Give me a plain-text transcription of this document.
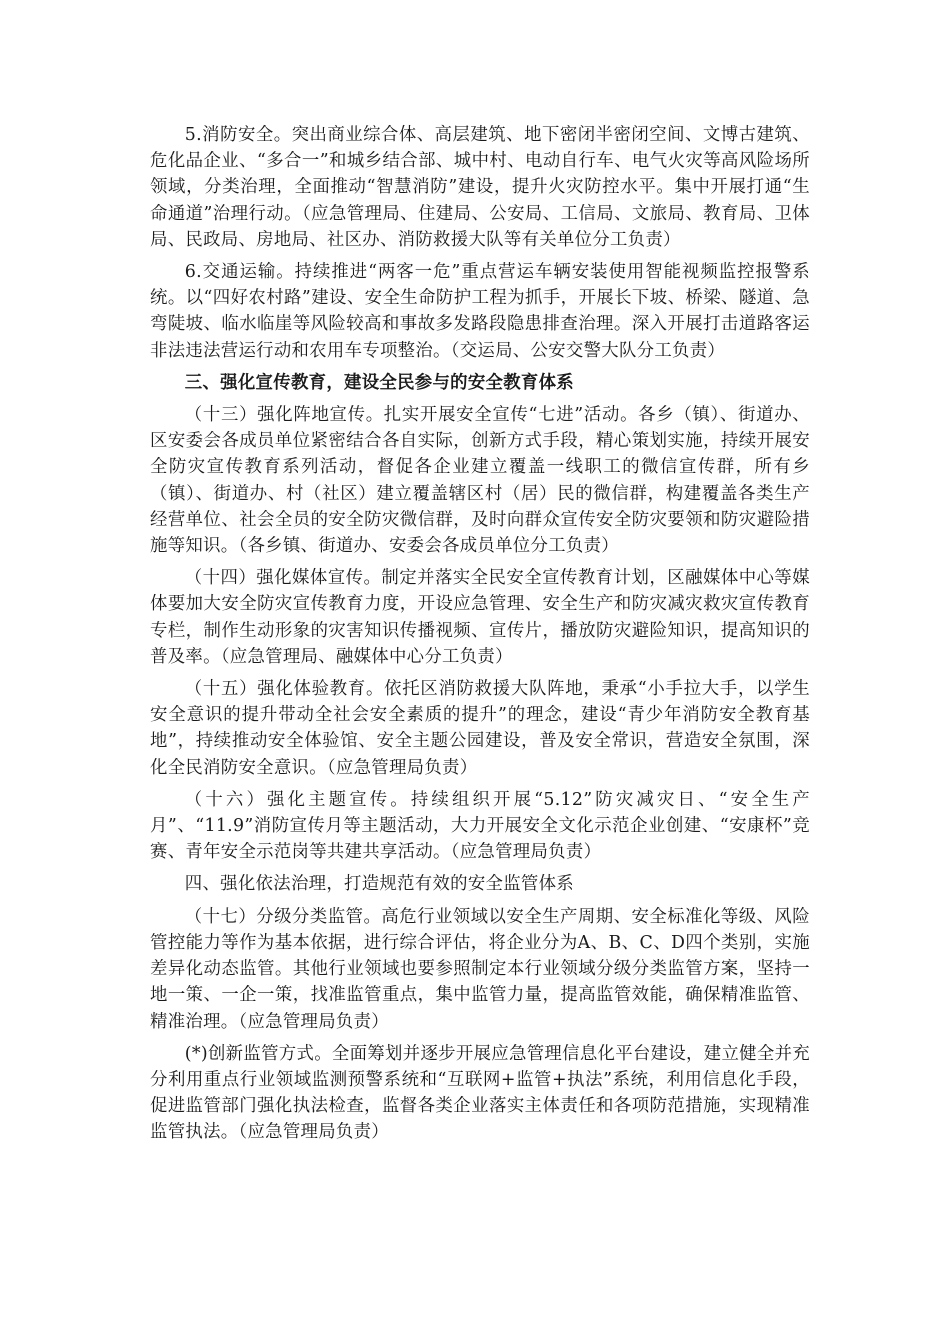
5.消防安全。突出商业综合体、高层建筑、地下密闭半密闭空间、文博古建筑、危化品企业、“多合一”和城乡结合部、城中村、电动自行车、电气火灾等高风险场所领域，分类治理，全面推动“智慧消防”建设，提升火灾防控水平。集中开展打通“生命通道”治理行动。（应急管理局、住建局、公安局、工信局、文旅局、教育局、卫体局、民政局、房地局、社区办、消防救援大队等有关单位分工负责）

6.交通运输。持续推进“两客一危”重点营运车辆安装使用智能视频监控报警系统。以“四好农村路”建设、安全生命防护工程为抓手，开展长下坡、桥梁、隧道、急弯陡坡、临水临崖等风险较高和事故多发路段隐患排查治理。深入开展打击道路客运非法违法营运行动和农用车专项整治。（交运局、公安交警大队分工负责）

三、强化宣传教育，建设全民参与的安全教育体系

（十三）强化阵地宣传。扎实开展安全宣传“七进”活动。各乡（镇）、街道办、区安委会各成员单位紧密结合各自实际，创新方式手段，精心策划实施，持续开展安全防灾宣传教育系列活动，督促各企业建立覆盖一线职工的微信宣传群，所有乡（镇）、街道办、村（社区）建立覆盖辖区村（居）民的微信群，构建覆盖各类生产经营单位、社会全员的安全防灾微信群，及时向群众宣传安全防灾要领和防灾避险措施等知识。（各乡镇、街道办、安委会各成员单位分工负责）

（十四）强化媒体宣传。制定并落实全民安全宣传教育计划，区融媒体中心等媒体要加大安全防灾宣传教育力度，开设应急管理、安全生产和防灾减灾救灾宣传教育专栏，制作生动形象的灾害知识传播视频、宣传片，播放防灾避险知识，提高知识的普及率。（应急管理局、融媒体中心分工负责）

（十五）强化体验教育。依托区消防救援大队阵地，秉承“小手拉大手，以学生安全意识的提升带动全社会安全素质的提升”的理念，建设“青少年消防安全教育基地”，持续推动安全体验馆、安全主题公园建设，普及安全常识，营造安全氛围，深化全民消防安全意识。（应急管理局负责）

（十六）强化主题宣传。持续组织开展“5.12”防灾减灾日、“安全生产月”、“11.9”消防宣传月等主题活动，大力开展安全文化示范企业创建、“安康杯”竞赛、青年安全示范岗等共建共享活动。（应急管理局负责）

四、强化依法治理，打造规范有效的安全监管体系

（十七）分级分类监管。高危行业领域以安全生产周期、安全标准化等级、风险管控能力等作为基本依据，进行综合评估，将企业分为A、B、C、D四个类别，实施差异化动态监管。其他行业领域也要参照制定本行业领域分级分类监管方案，坚持一地一策、一企一策，找准监管重点，集中监管力量，提高监管效能，确保精准监管、精准治理。（应急管理局负责）

(*)创新监管方式。全面筹划并逐步开展应急管理信息化平台建设，建立健全并充分利用重点行业领域监测预警系统和“互联网+监管+执法”系统，利用信息化手段，促进监管部门强化执法检查，监督各类企业落实主体责任和各项防范措施，实现精准监管执法。（应急管理局负责）
